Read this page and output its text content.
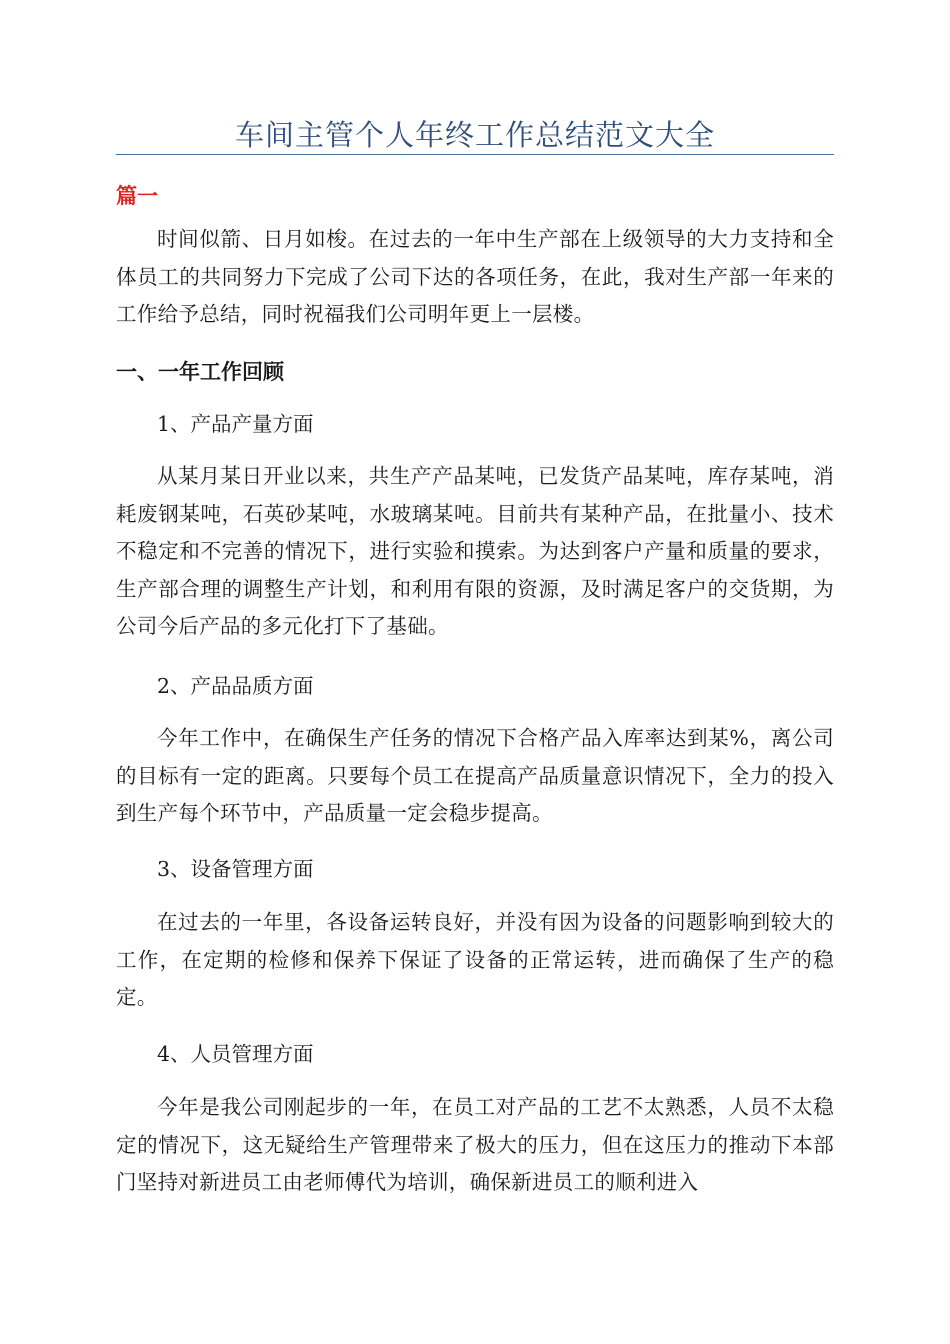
车间主管个人年终工作总结范文大全

篇一

时间似箭、日月如梭。在过去的一年中生产部在上级领导的大力支持和全体员工的共同努力下完成了公司下达的各项任务，在此，我对生产部一年来的工作给予总结，同时祝福我们公司明年更上一层楼。

一、一年工作回顾

1、产品产量方面

从某月某日开业以来，共生产产品某吨，已发货产品某吨，库存某吨，消耗废钢某吨，石英砂某吨，水玻璃某吨。目前共有某种产品，在批量小、技术不稳定和不完善的情况下，进行实验和摸索。为达到客户产量和质量的要求，生产部合理的调整生产计划，和利用有限的资源，及时满足客户的交货期，为公司今后产品的多元化打下了基础。

2、产品品质方面

今年工作中，在确保生产任务的情况下合格产品入库率达到某%，离公司的目标有一定的距离。只要每个员工在提高产品质量意识情况下，全力的投入到生产每个环节中，产品质量一定会稳步提高。

3、设备管理方面

在过去的一年里，各设备运转良好，并没有因为设备的问题影响到较大的工作，在定期的检修和保养下保证了设备的正常运转，进而确保了生产的稳定。

4、人员管理方面

今年是我公司刚起步的一年，在员工对产品的工艺不太熟悉，人员不太稳定的情况下，这无疑给生产管理带来了极大的压力，但在这压力的推动下本部门坚持对新进员工由老师傅代为培训，确保新进员工的顺利进入
